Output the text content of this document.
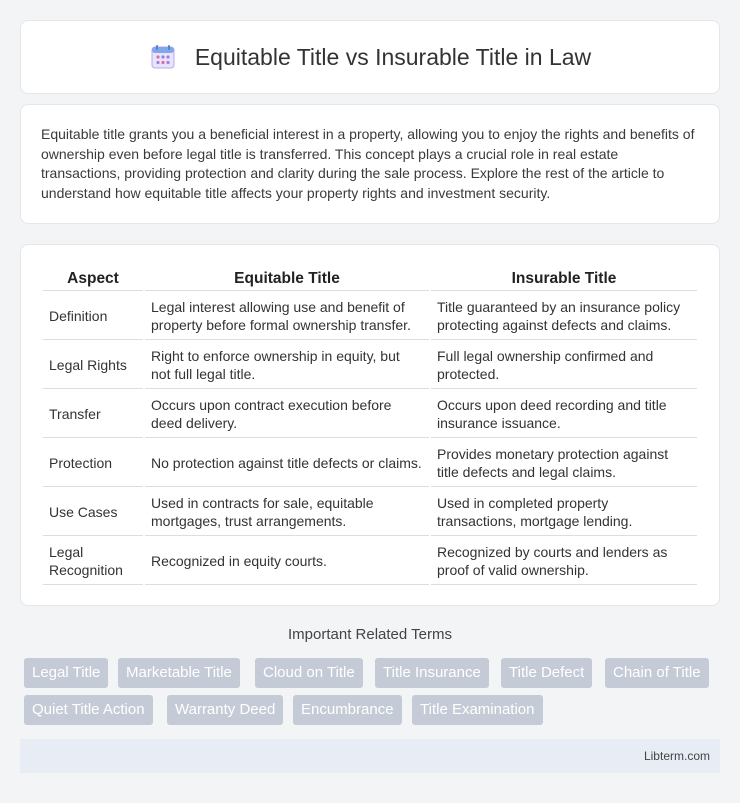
Equitable Title vs Insurable Title in Law

Equitable title grants you a beneficial interest in a property, allowing you to enjoy the rights and benefits of ownership even before legal title is transferred. This concept plays a crucial role in real estate transactions, providing protection and clarity during the sale process. Explore the rest of the article to understand how equitable title affects your property rights and investment security.

Aspect	Equitable Title	Insurable Title
Definition	Legal interest allowing use and benefit of property before formal ownership transfer.	Title guaranteed by an insurance policy protecting against defects and claims.
Legal Rights	Right to enforce ownership in equity, but not full legal title.	Full legal ownership confirmed and protected.
Transfer	Occurs upon contract execution before deed delivery.	Occurs upon deed recording and title insurance issuance.
Protection	No protection against title defects or claims.	Provides monetary protection against title defects and legal claims.
Use Cases	Used in contracts for sale, equitable mortgages, trust arrangements.	Used in completed property transactions, mortgage lending.
Legal Recognition	Recognized in equity courts.	Recognized by courts and lenders as proof of valid ownership.
Important Related Terms
Legal Title	Marketable Title	Cloud on Title	Title Insurance	Title Defect	Chain of Title
Quiet Title Action	Warranty Deed	Encumbrance	Title Examination
Libterm.com
